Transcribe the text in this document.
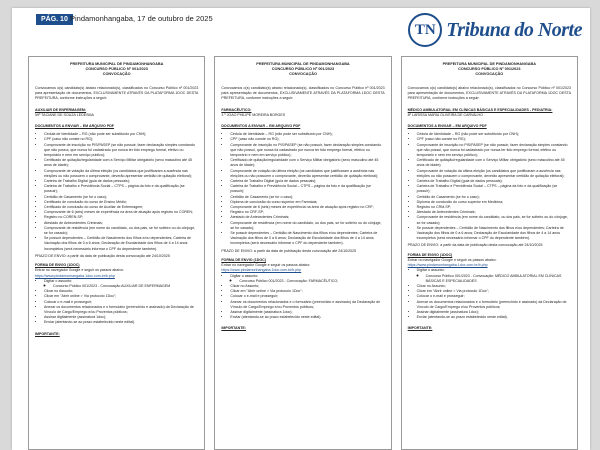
PÁG. 10 Pindamonhangaba, 17 de outubro de 2025
TN Tribuna do Norte
PREFEITURA MUNICIPAL DE PINDAMONHANGABA
CONCURSO PÚBLICO Nº 001/2023
CONVOCAÇÃO
Convocamos o(s) candidato(s) abaixo relacionado(s), classificados no Concurso Público nº 001/2023 para apresentação de documentos, EXCLUSIVAMENTE ATRAVÉS DA PLATAFORMA 1DOC DESTA PREFEITURA, conforme instruções a seguir:
AUXILIAR DE ENFERMAGEM:
59º TACIANE DE SOUZA LEDESMA
DOCUMENTOS A ENVIAR – EM ARQUIVO PDF
• Cédula de Identidade – RG (não pode ser substituído por CNH);
• CPF (caso não conste no RG);
• Comprovante de inscrição no PIS/PASEP (se não possuir, fazer declaração simples constando que não possui, que nunca foi cadastrado por nunca ter tido emprego formal, efetivo ou temporário e nem em serviço público);
• Certificado de quitação/regularidade com a Serviço Militar obrigatório (sexo masculino até 45 anos de idade);
• Comprovante de votação da última eleição (os candidatos que justificaram a ausência nas eleições ou não possuem o comprovante, deverão apresentar certidão de quitação eleitoral);
• Carteira de Trabalho Digital (guia de dados pessoais);
• Carteira de Trabalho e Previdência Social – CTPS – página da foto e da qualificação (se possuir);
• Certidão de Casamento (se for o caso);
• Certificado de conclusão do curso de Ensino Médio;
• Certificado de conclusão do curso de Auxiliar de Enfermagem;
• Comprovante de 6 (seis) meses de experiência na área de atuação após registro no COREN;
• Registro no COREN-SP;
• Atestado de Antecedentes Criminais;
• Comprovante de residência (em nome do candidato, ou dos pais, se for solteiro ou do cônjuge, se for casado);
• Se possuir dependentes – Certidão de Nascimento dos filhos e/ou dependentes; Carteira de Vacinação dos filhos de 0 a 6 anos; Declaração de Escolaridade dos filhos de 4 a 14 anos incompletos (será necessário informar o CPF do dependente também).
PRAZO DE ENVIO: a partir da data de publicação desta convocação até 24/10/2025
FORMA DE ENVIO (1DOC)
Entrar no navegador Google e seguir os passos abaixo:
https://www.pindamonhangaba.1doc.com.br/b.php
• Digitar o assunto:
◦ Concurso Público 001/2023 - Convocação AUXILIAR DE ENFERMAGEM
• Clicar no Assunto;
• Clicar em "Abrir online > Via protocolo 1Doc";
• Colocar o e-mail e prosseguir;
• Anexar os documentos relacionados e o formulário (preenchido e assinado) da Declaração de Vínculo de Cargo/Emprego e/ou Proventos públicos;
• Assinar digitalmente (assinatura 1doc);
• Enviar (atentando-se ao prazo estabelecido neste edital).
IMPORTANTE:
PREFEITURA MUNICIPAL DE PINDAMONHANGABA
CONCURSO PÚBLICO Nº 001/2023
CONVOCAÇÃO
Convocamos o(s) candidato(s) abaixo relacionado(s), classificados no Concurso Público nº 001/2023 para apresentação de documentos, EXCLUSIVAMENTE ATRAVÉS DA PLATAFORMA 1DOC DESTA PREFEITURA, conforme instruções a seguir:
FARMACÊUTICO:
3 º JOAO PHILIPE MOREIRA BORGES
DOCUMENTOS A ENVIAR – EM ARQUIVO PDF
• Cédula de Identidade – RG (não pode ser substituído por CNH);
• CPF (caso não conste no RG);
• Comprovante de inscrição no PIS/PASEP (se não possuir, fazer declaração simples constando que não possui, que nunca foi cadastrado por nunca ter tido emprego formal, efetivo ou temporário e nem em serviço público);
• Certificado de quitação/regularidade com o Serviço Militar obrigatório (sexo masculino até 45 anos de idade);
• Comprovante de votação da última eleição (os candidatos que justificaram a ausência nas eleições ou não possuem o comprovante, deverão apresentar certidão de quitação eleitoral);
• Carteira de Trabalho Digital (guia de dados pessoais);
• Carteira de Trabalho e Previdência Social – CTPS – página da foto e da qualificação (se possuir);
• Certidão de Casamento (se for o caso);
• Diploma de conclusão do curso superior em Farmácia;
• Comprovante de 6 (seis) meses de experiência na área de atuação após registro no CRF;
• Registro no CRF-SP;
• Atestado de Antecedentes Criminais;
• Comprovante de residência (em nome do candidato, ou dos pais, se for solteiro ou do cônjuge, se for casado);
• Se possuir dependentes – Certidão de Nascimento dos filhos e/ou dependentes; Carteira de Vacinação dos filhos de 0 a 6 anos; Declaração de Escolaridade dos filhos de 4 a 14 anos incompletos (será necessário informar o CPF do dependente também).
PRAZO DE ENVIO: a partir da data de publicação desta convocação até 24/10/2025
FORMA DE ENVIO (1DOC)
Entrar no navegador Google e seguir os passos abaixo:
https://www.pindamonhangaba.1doc.com.br/b.php
• Digitar o assunto:
◦ Concurso Público 001/2023 - Convocação: FARMACÊUTICO;
• Clicar no Assunto;
• Clicar em "Abrir online > Via protocolo 1Doc";
• Colocar o e-mail e prosseguir;
• Anexar os documentos relacionados e o formulário (preenchido e assinado) da Declaração de Vínculo de Cargo/Emprego e/ou Proventos públicos;
• Assinar digitalmente (assinatura 1doc);
• Enviar (atentando-se ao prazo estabelecido neste edital).
IMPORTANTE:
PREFEITURA MUNICIPAL DE PINDAMONHANGABA
CONCURSO PÚBLICO Nº 001/2023
CONVOCAÇÃO
Convocamos o(s) candidato(s) abaixo relacionado(s), classificados no Concurso Público nº 001/2023 para apresentação de documentos, EXCLUSIVAMENTE ATRAVÉS DA PLATAFORMA 1DOC DESTA PREFEITURA, conforme instruções a seguir:
MÉDICO AMBULATORIAL EM CLÍNICAS BÁSICAS E ESPECIALIDADES - PEDIATRIA:
8º LARISSA MARIA OLIVEIRA DE CARVALHO
DOCUMENTOS A ENVIAR – EM ARQUIVO PDF
• Cédula de Identidade – RG (não pode ser substituído por CNH);
• CPF (caso não conste no RG);
• Comprovante de inscrição no PIS/PASEP (se não possuir, fazer declaração simples constando que não possui, que nunca foi cadastrado por nunca ter tido emprego formal, efetivo ou temporário e nem em serviço público);
• Certificado de quitação/regularidade com o Serviço Militar obrigatório (sexo masculino até 45 anos de idade);
• Comprovante de votação da última eleição (os candidatos que justificaram a ausência nas eleições ou não possuem o comprovante, deverão apresentar certidão de quitação eleitoral);
• Carteira de Trabalho Digital (guia de dados pessoais);
• Carteira de Trabalho e Previdência Social – CTPS – página da foto e da qualificação (se possuir);
• Certidão de Casamento (se for o caso);
• Diploma de conclusão do curso superior em Medicina;
• Registro no CRM-SP;
• Atestado de Antecedentes Criminais;
• Comprovante de residência (em nome do candidato, ou dos pais, se for solteiro ou do cônjuge, se for casado);
• Se possuir dependentes – Certidão de Nascimento dos filhos e/ou dependentes; Carteira de Vacinação dos filhos de 0 a 6 anos; Declaração de Escolaridade dos filhos de 4 a 14 anos incompletos (será necessário informar o CPF do dependente também).
PRAZO DE ENVIO: a partir da data de publicação desta convocação até 24/10/2025
FORMA DE ENVIO (1DOC)
Entrar no navegador Google e seguir os passos abaixo:
https://www.pindamonhangaba.1doc.com.br/b.php
• Digitar o assunto:
◦ Concurso Público 001/2023 - Convocação: MÉDICO AMBULATORIAL EM CLÍNICAS BÁSICAS E ESPECIALIDADES
• Clicar no Assunto;
• Clicar em "Abrir online > Via protocolo 1Doc";
• Colocar o e-mail e prosseguir;
• Anexar os documentos relacionados e o formulário (preenchido e assinado) da Declaração de Vínculo de Cargo/Emprego e/ou Proventos públicos;
• Assinar digitalmente (assinatura 1doc);
• Enviar (atentando-se ao prazo estabelecido neste edital).
IMPORTANTE:
